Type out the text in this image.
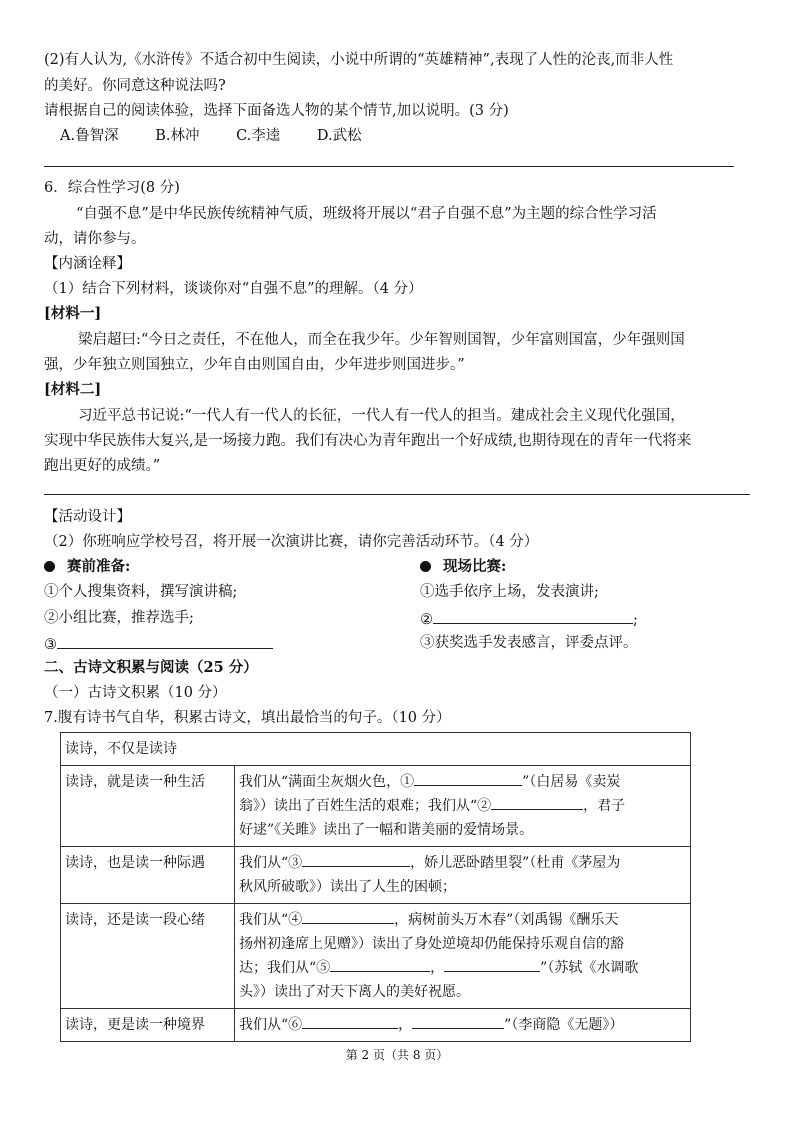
(2)有人认为,《水浒传》不适合初中生阅读，小说中所谓的“英雄精神”,表现了人性的沦丧,而非人性
的美好。你同意这种说法吗?
请根据自己的阅读体验，选择下面备选人物的某个情节,加以说明。(3 分)
A.鲁智深	B.林冲	C.李逵	D.武松
6．综合性学习(8 分)
“自强不息”是中华民族传统精神气质，班级将开展以“君子自强不息”为主题的综合性学习活
动，请你参与。
【内涵诠释】
（1）结合下列材料，谈谈你对“自强不息”的理解。（4 分）
[材料一]
梁启超曰:“今日之责任，不在他人，而全在我少年。少年智则国智，少年富则国富，少年强则国
强，少年独立则国独立，少年自由则国自由，少年进步则国进步。”
[材料二]
习近平总书记说:“一代人有一代人的长征，一代人有一代人的担当。建成社会主义现代化强国，
实现中华民族伟大复兴,是一场接力跑。我们有决心为青年跑出一个好成绩,也期待现在的青年一代将来
跑出更好的成绩。”
【活动设计】
（2）你班响应学校号召，将开展一次演讲比赛，请你完善活动环节。（4 分）
赛前准备:	现场比赛:
①个人搜集资料，撰写演讲稿;	①选手依序上场，发表演讲;
②小组比赛，推荐选手;	②	;
③	③获奖选手发表感言，评委点评。
二、古诗文积累与阅读（25 分）
（一）古诗文积累（10 分）
7.腹有诗书气自华，积累古诗文，填出最恰当的句子。（10 分）
读诗，不仅是读诗	
读诗，就是读一种生活	我们从“满面尘灰烟火色，① ”（白居易《卖炭
翁》）读出了百姓生活的艰难；我们从“② ，君子
好逑”《关雎》读出了一幅和谐美丽的爱情场景。
读诗，也是读一种际遇	我们从“③ ，娇儿恶卧踏里裂”（杜甫《茅屋为
秋风所破歌》）读出了人生的困顿；
读诗，还是读一段心绪	我们从“④ ，病树前头万木春”（刘禹锡《酬乐天
扬州初逢席上见赠》）读出了身处逆境却仍能保持乐观自信的豁
达；我们从“⑤ ， ”（苏轼《水调歌
头》）读出了对天下离人的美好祝愿。
读诗，更是读一种境界	我们从“⑥ ， ”（李商隐《无题》）
第 2 页（共 8 页）
